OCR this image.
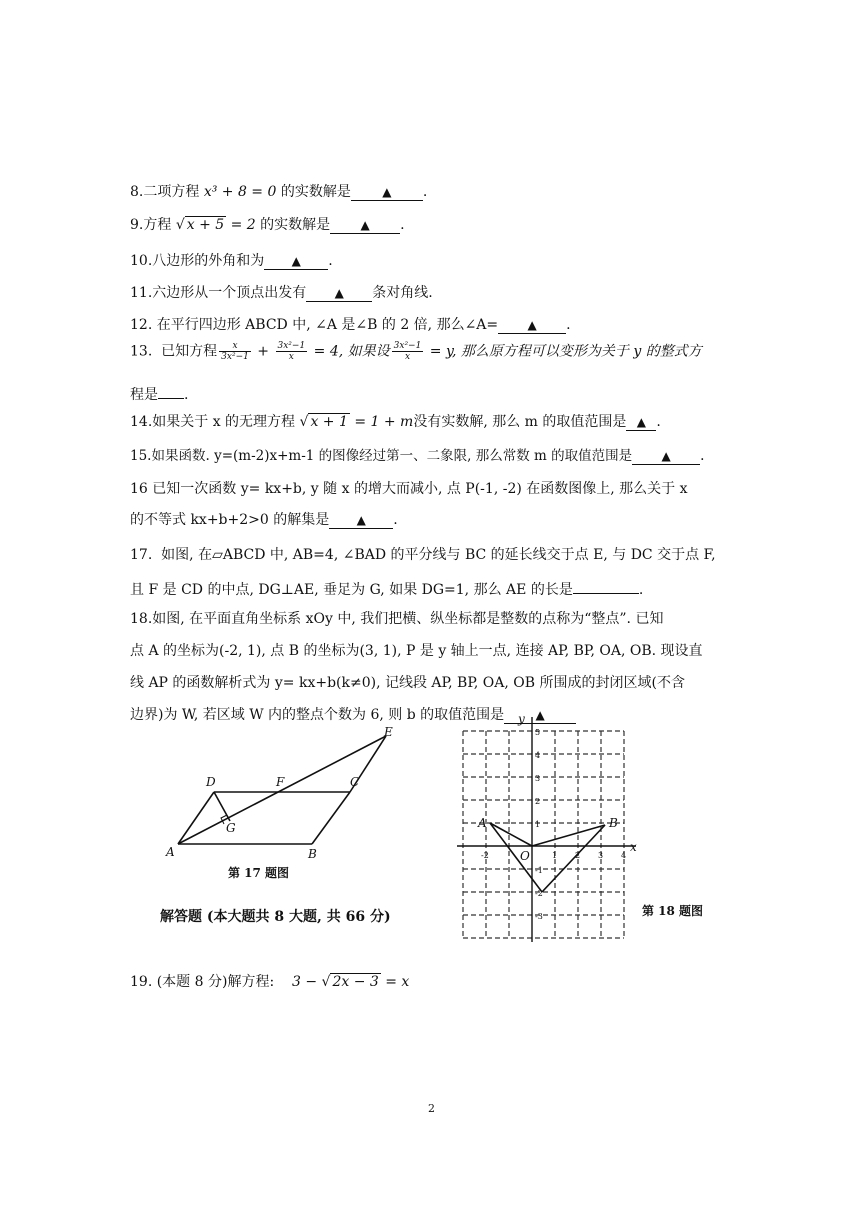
8.二项方程 x³ + 8 = 0 的实数解是	▲ .
9.方程 √ x + 5 = 2 的实数解是	▲ .
10.八边形的外角和为 ▲ .
11.六边形从一个顶点出发有 ▲ 条对角线.
12. 在平行四边形 ABCD 中, ∠A 是∠B 的 2 倍, 那么∠A= ▲ .
13. 已知方程 $\frac{x}{\text{3x²−1}} + \frac{\text{3x²−1}}{x} = 4$, 如果设 $\frac{\text{3x²−1}}{x} = y$, 那么原方程可以变形为关于 y 的整式方
程是 .
14.如果关于 x 的无理方程 √ x + 1 = 1 + m没有实数解, 那么 m 的取值范围是 ▲ .
15.如果函数. y=(m-2)x+m-1 的图像经过第一、二象限, 那么常数 m 的取值范围是 ▲ .
16 已知一次函数 y= kx+b, y 随 x 的增大而减小, 点 P(-1, -2) 在函数图像上, 那么关于 x
的不等式 kx+b+2>0 的解集是 ▲ .
17. 如图, 在▱ABCD 中, AB=4, ∠BAD 的平分线与 BC 的延长线交于点 E, 与 DC 交于点 F,
且 F 是 CD 的中点, DG⊥AE, 垂足为 G, 如果 DG=1, 那么 AE 的长是	.
18.如图, 在平面直角坐标系 xOy 中, 我们把横、纵坐标都是整数的点称为“整点”. 已知
点 A 的坐标为(-2, 1), 点 B 的坐标为(3, 1), P 是 y 轴上一点, 连接 AP, BP, OA, OB. 现设直
线 AP 的函数解析式为 y= kx+b(k≠0), 记线段 AP, BP, OA, OB 所围成的封闭区域(不含
边界)为 W, 若区域 W 内的整点个数为 6, 则 b 的取值范围是	▲
A	B
C
D
E
F
G
第 17 题图
解答题 (本大题共 8 大题, 共 66 分)
A	B
O
x
y
1 2 3 4
-2
1
2
3
4
5
-1
-2
-3	第 18 题图
19. (本题 8 分)解方程: 3 − √ 2x − 3 = x
2
